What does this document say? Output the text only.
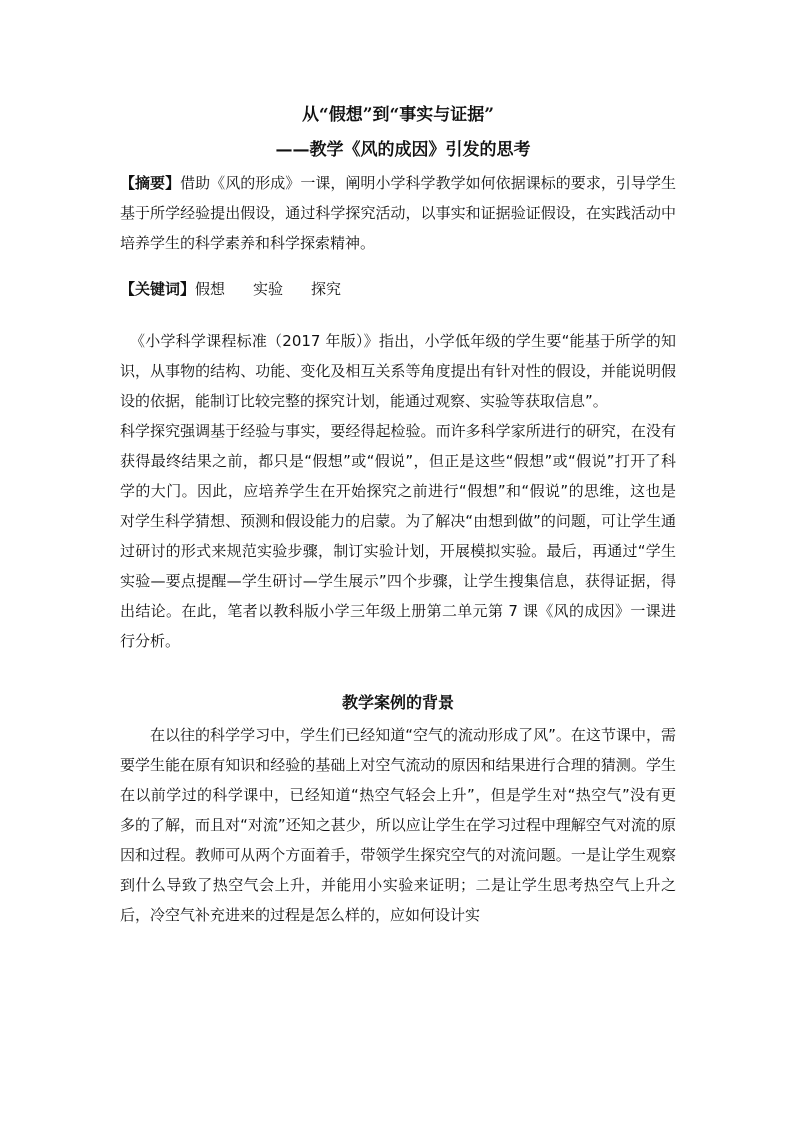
从“假想”到“事实与证据”
——教学《风的成因》引发的思考

【摘要】借助《风的形成》一课，阐明小学科学教学如何依据课标的要求，引导学生基于所学经验提出假设，通过科学探究活动，以事实和证据验证假设，在实践活动中培养学生的科学素养和科学探索精神。

【关键词】假想 实验 探究

《小学科学课程标准（2017 年版）》指出，小学低年级的学生要“能基于所学的知识，从事物的结构、功能、变化及相互关系等角度提出有针对性的假设，并能说明假设的依据，能制订比较完整的探究计划，能通过观察、实验等获取信息”。

科学探究强调基于经验与事实，要经得起检验。而许多科学家所进行的研究，在没有获得最终结果之前，都只是“假想”或“假说”，但正是这些“假想”或“假说”打开了科学的大门。因此，应培养学生在开始探究之前进行“假想”和“假说”的思维，这也是对学生科学猜想、预测和假设能力的启蒙。为了解决“由想到做”的问题，可让学生通过研讨的形式来规范实验步骤，制订实验计划，开展模拟实验。最后，再通过“学生实验—要点提醒—学生研讨—学生展示”四个步骤，让学生搜集信息，获得证据，得出结论。在此，笔者以教科版小学三年级上册第二单元第 7 课《风的成因》一课进行分析。

教学案例的背景

在以往的科学学习中，学生们已经知道“空气的流动形成了风”。在这节课中，需要学生能在原有知识和经验的基础上对空气流动的原因和结果进行合理的猜测。学生在以前学过的科学课中，已经知道“热空气轻会上升”，但是学生对“热空气”没有更多的了解，而且对“对流”还知之甚少，所以应让学生在学习过程中理解空气对流的原因和过程。教师可从两个方面着手，带领学生探究空气的对流问题。一是让学生观察到什么导致了热空气会上升，并能用小实验来证明；二是让学生思考热空气上升之后，冷空气补充进来的过程是怎么样的，应如何设计实
